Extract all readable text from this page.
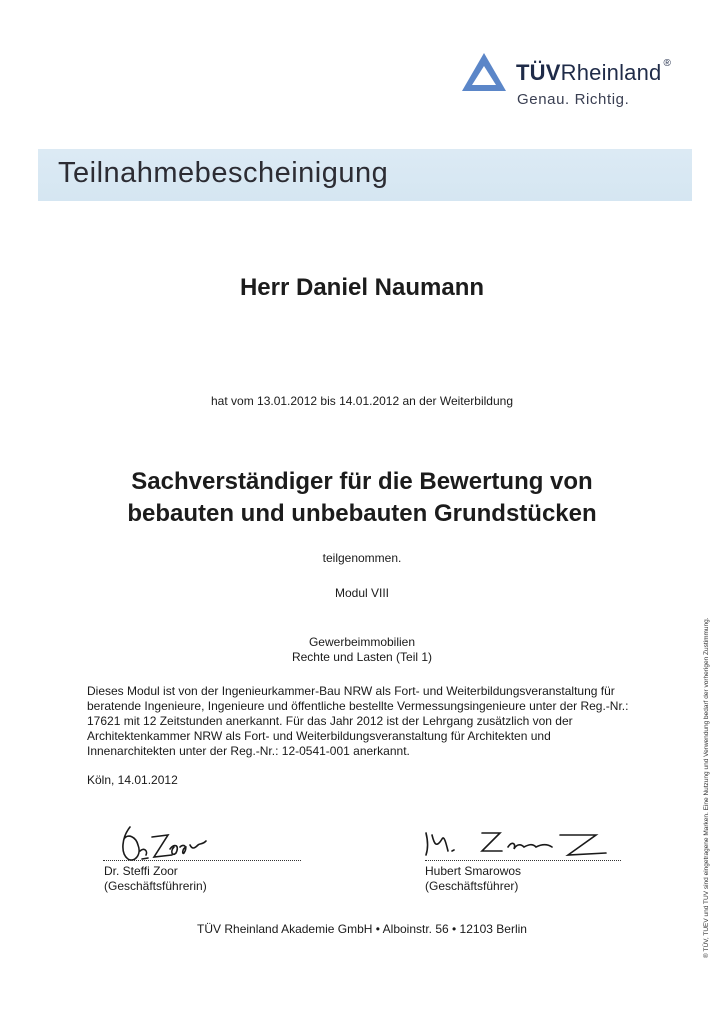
TÜVRheinland ®
Genau. Richtig.
Teilnahmebescheinigung
Herr Daniel Naumann
hat vom 13.01.2012 bis 14.01.2012 an der Weiterbildung
Sachverständiger für die Bewertung von
bebauten und unbebauten Grundstücken
teilgenommen.
Modul VIII
Gewerbeimmobilien
Rechte und Lasten (Teil 1)
Dieses Modul ist von der Ingenieurkammer-Bau NRW als Fort- und Weiterbildungsveranstaltung für
beratende Ingenieure, Ingenieure und öffentliche bestellte Vermessungsingenieure unter der Reg.-Nr.:
17621 mit 12 Zeitstunden anerkannt. Für das Jahr 2012 ist der Lehrgang zusätzlich von der
Architektenkammer NRW als Fort- und Weiterbildungsveranstaltung für Architekten und
Innenarchitekten unter der Reg.-Nr.: 12-0541-001 anerkannt.
Köln, 14.01.2012
Dr. Steffi Zoor
(Geschäftsführerin)
Hubert Smarowos
(Geschäftsführer)
TÜV Rheinland Akademie GmbH • Alboinstr. 56 • 12103 Berlin	® TÜV, TUEV und TUV sind eingetragene Marken. Eine Nutzung und Verwendung bedarf der vorherigen Zustimmung.
